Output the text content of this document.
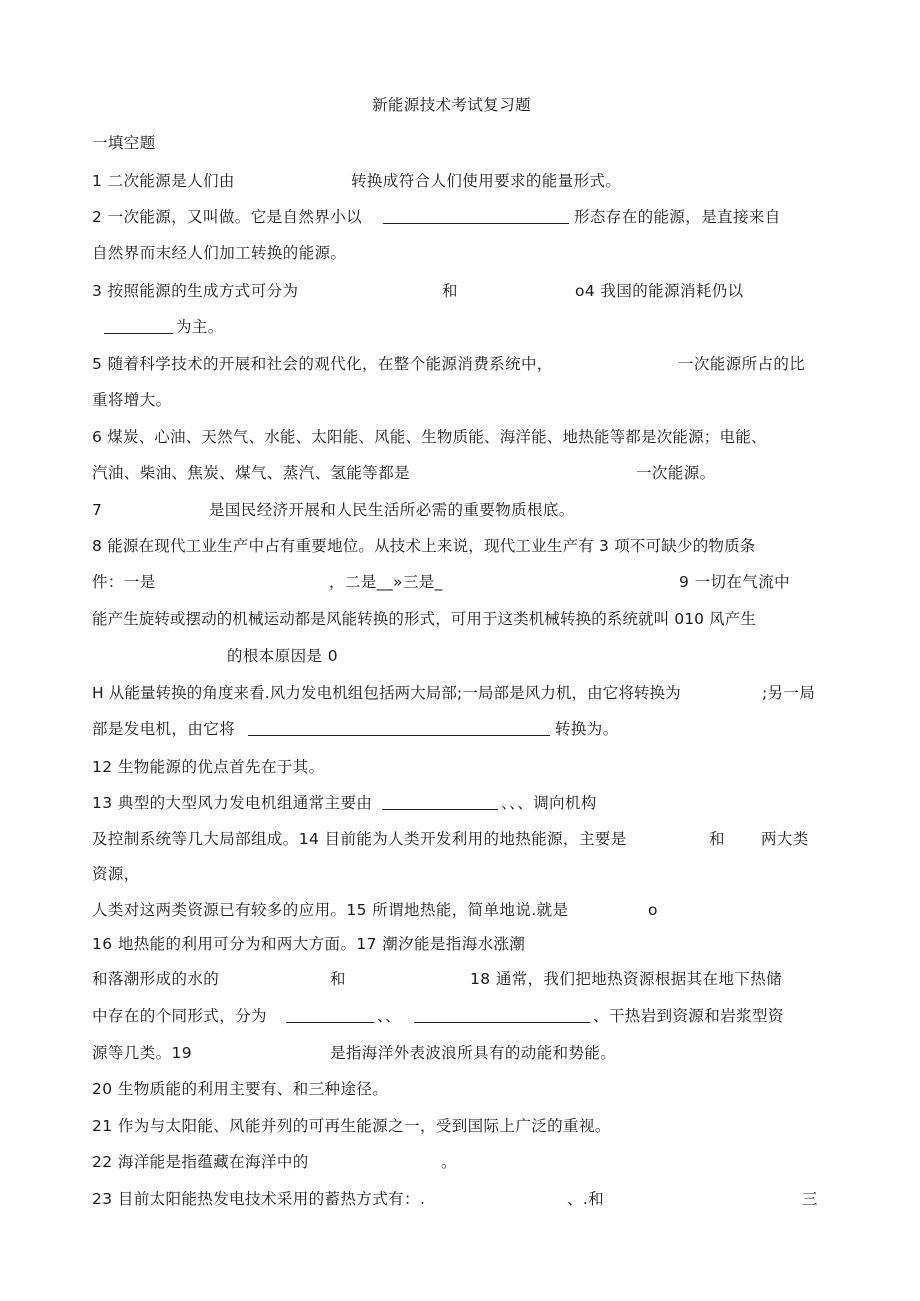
新能源技术考试复习题
一填空题
1 二次能源是人们由	转换成符合人们使用要求的能量形式。
2 一次能源，又叫做。它是自然界小以	形态存在的能源，是直接来自
自然界而末经人们加工转换的能源。
3 按照能源的生成方式可分为	和	o4 我国的能源消耗仍以
为主。
5 随着科学技术的开展和社会的观代化，在整个能源消费系统中，	一次能源所占的比
重将增大。
6 煤炭、心油、天然气、水能、太阳能、风能、生物质能、海洋能、地热能等都是次能源；电能、
汽油、柴油、焦炭、煤气、蒸汽、氢能等都是	一次能源。
7	是国民经济开展和人民生活所必需的重要物质根底。
8 能源在现代工业生产中占有重要地位。从技术上来说，现代工业生产有 3 项不可缺少的物质条
件：一是	，二是__»三是_	9 一切在气流中
能产生旋转或摆动的机械运动都是风能转换的形式，可用于这类机械转换的系统就叫 010 风产生
的根本原因是 0
H 从能量转换的角度来看.风力发电机组包括两大局部;一局部是风力机，由它将转换为	;另一局
部是发电机，由它将	转换为。
12 生物能源的优点首先在于其。
13 典型的大型风力发电机组通常主要由	、、、调向机构
及控制系统等几大局部组成。14 目前能为人类开发利用的地热能源，主要是	和 两大类
资源，
人类对这两类资源已有较多的应用。15 所谓地热能，简单地说.就是	o
16 地热能的利用可分为和两大方面。17 潮汐能是指海水涨潮
和落潮形成的水的	和	18 通常，我们把地热资源根据其在地下热储
中存在的个同形式，分为	、、	、干热岩到资源和岩浆型资
源等几类。19	是指海洋外表波浪所具有的动能和势能。
20 生物质能的利用主要有、和三种途径。
21 作为与太阳能、风能并列的可再生能源之一，受到国际上广泛的重视。
22 海洋能是指蕴藏在海洋中的	。
23 目前太阳能热发电技术采用的蓄热方式有：.	、.和	三
